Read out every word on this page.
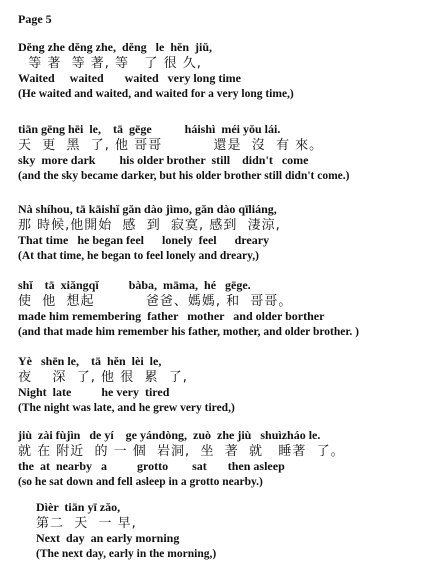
Page 5
Dĕng zhe dĕng zhe,  dĕng   le  hĕn  jiŭ,
等 著  等 著, 等   了 很 久,
Waited     waited       waited   very long time
(He waited and waited, and waited for a very long time,)
tiān gēng hēi  le,    tā  gēge           háishì  méi yŏu lái.
天  更  黑  了, 他 哥哥          還是  沒  有 來。
sky  more dark        his older brother  still    didn't   come
(and the sky became darker, but his older brother still didn't come.)
Nà shíhou, tā kāishĭ găn dào jìmo, găn dào qīliáng,
那 時候,他開始  感  到  寂寞, 感到  淒涼,
That time   he began feel      lonely  feel      dreary
(At that time, he began to feel lonely and dreary,)
shĭ    tā  xiăngqĭ          bàba,  māma,  hé   gēge.
使  他  想起          爸爸、媽媽, 和  哥哥。
made him remembering  father   mother   and older borther
(and that made him remember his father, mother, and older brother. )
Yè   shēn le,    tā  hĕn  lèi  le,
夜    深  了, 他 很  累  了,
Night  late          he very  tired
(The night was late, and he grew very tired,)
jiù  zài fùjìn   de yí    ge yándòng,  zuò  zhe jiù   shuìzháo le.
就 在 附近  的 一 個  岩洞,  坐  著  就   睡著  了。
the  at  nearby   a          grotto        sat       then asleep
(so he sat down and fell asleep in a grotto nearby.)
Dìèr  tiān yī zăo,
第二  天  一 早,
Next  day  an early morning
(The next day, early in the morning,)
